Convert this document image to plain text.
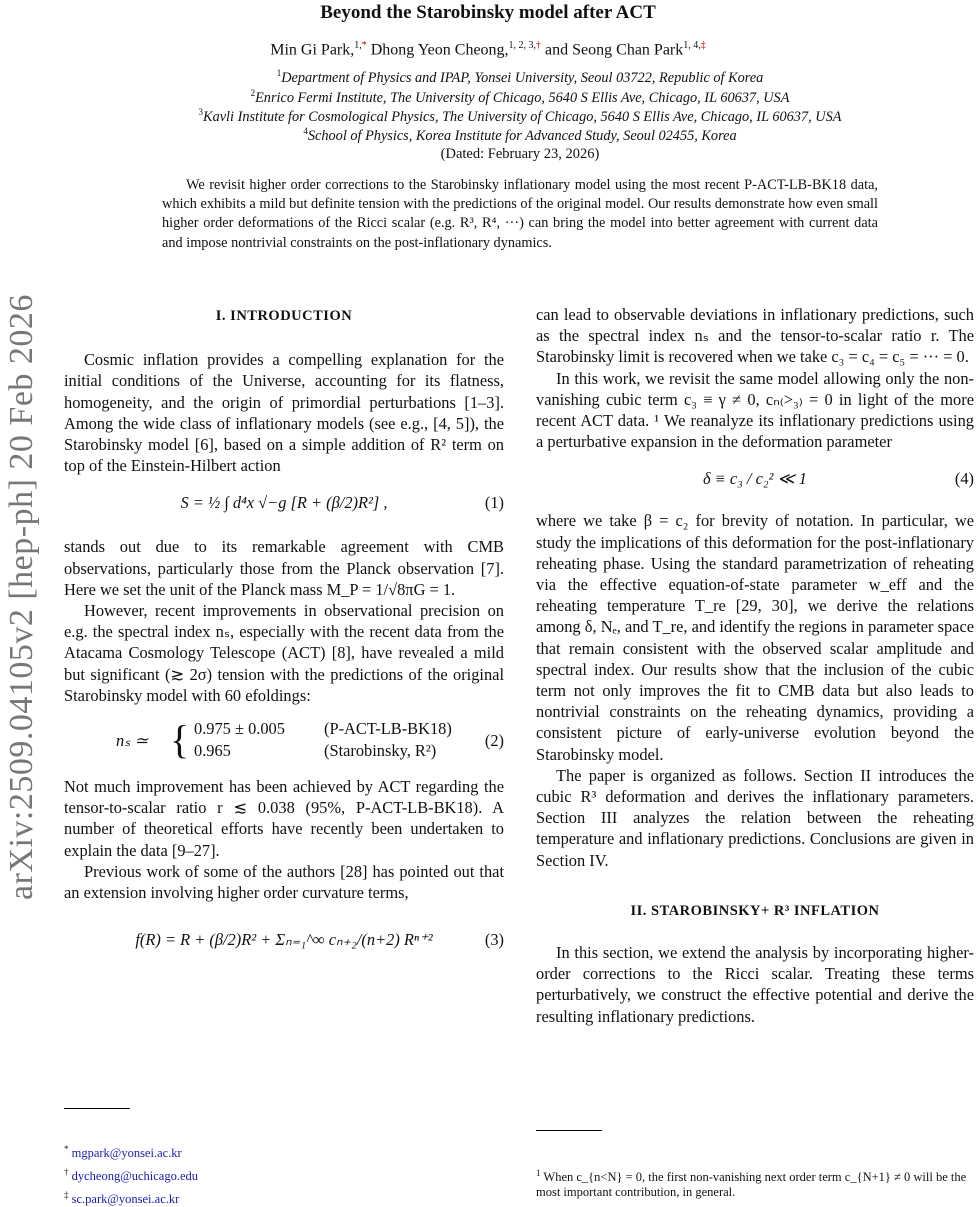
arXiv:2509.04105v2 [hep-ph] 20 Feb 2026
Beyond the Starobinsky model after ACT
Min Gi Park,$^{1,*}$ Dhong Yeon Cheong,$^{1, 2, 3,\dagger}$ and Seong Chan Park$^{1, 4,\ddagger}$
$^1$Department of Physics and IPAP, Yonsei University, Seoul 03722, Republic of Korea
$^2$Enrico Fermi Institute, The University of Chicago, 5640 S Ellis Ave, Chicago, IL 60637, USA
$^3$Kavli Institute for Cosmological Physics, The University of Chicago, 5640 S Ellis Ave, Chicago, IL 60637, USA
$^4$School of Physics, Korea Institute for Advanced Study, Seoul 02455, Korea
(Dated: February 23, 2026)
We revisit higher order corrections to the Starobinsky inflationary model using the most recent P-ACT-LB-BK18 data, which exhibits a mild but definite tension with the predictions of the original model. Our results demonstrate how even small higher order deformations of the Ricci scalar (e.g. R³, R⁴, ···) can bring the model into better agreement with current data and impose nontrivial constraints on the post-inflationary dynamics.
I. INTRODUCTION

Cosmic inflation provides a compelling explanation for the initial conditions of the Universe, accounting for its flatness, homogeneity, and the origin of primordial perturbations [1–3]. Among the wide class of inflationary models (see e.g., [4, 5]), the Starobinsky model [6], based on a simple addition of R² term on top of the Einstein-Hilbert action

S = ½ ∫ d⁴x √−g [R + (β/2)R²] ,	(1)

stands out due to its remarkable agreement with CMB observations, particularly those from the Planck observation [7]. Here we set the unit of the Planck mass M_P = 1/√8πG = 1.

However, recent improvements in observational precision on e.g. the spectral index nₛ, especially with the recent data from the Atacama Cosmology Telescope (ACT) [8], have revealed a mild but significant (≳ 2σ) tension with the predictions of the original Starobinsky model with 60 efoldings:

nₛ ≃ { 0.975 ± 0.005 (P-ACT-LB-BK18)
0.965	(Starobinsky, R²)
(2)

Not much improvement has been achieved by ACT regarding the tensor-to-scalar ratio r ≲ 0.038 (95%, P-ACT-LB-BK18). A number of theoretical efforts have recently been undertaken to explain the data [9–27].

Previous work of some of the authors [28] has pointed out that an extension involving higher order curvature terms,

f(R) = R + (β/2)R² + Σₙ₌₁^∞ cₙ₊₂/(n+2) Rⁿ⁺²	(3)
* mgpark@yonsei.ac.kr
† dycheong@uchicago.edu
‡ sc.park@yonsei.ac.kr

can lead to observable deviations in inflationary predictions, such as the spectral index nₛ and the tensor-to-scalar ratio r. The Starobinsky limit is recovered when we take c₃ = c₄ = c₅ = ··· = 0.

In this work, we revisit the same model allowing only the non-vanishing cubic term c₃ ≡ γ ≠ 0, cₙ₍>₃₎ = 0 in light of the more recent ACT data. ¹ We reanalyze its inflationary predictions using a perturbative expansion in the deformation parameter

δ ≡ c₃ / c₂² ≪ 1	(4)

where we take β = c₂ for brevity of notation. In particular, we study the implications of this deformation for the post-inflationary reheating phase. Using the standard parametrization of reheating via the effective equation-of-state parameter w_eff and the reheating temperature T_re [29, 30], we derive the relations among δ, Nₑ, and T_re, and identify the regions in parameter space that remain consistent with the observed scalar amplitude and spectral index. Our results show that the inclusion of the cubic term not only improves the fit to CMB data but also leads to nontrivial constraints on the reheating dynamics, providing a consistent picture of early-universe evolution beyond the Starobinsky model.

The paper is organized as follows. Section II introduces the cubic R³ deformation and derives the inflationary parameters. Section III analyzes the relation between the reheating temperature and inflationary predictions. Conclusions are given in Section IV.

II. STAROBINSKY+ R³ INFLATION

In this section, we extend the analysis by incorporating higher-order corrections to the Ricci scalar. Treating these terms perturbatively, we construct the effective potential and derive the resulting inflationary predictions.

$^1$ When c_{n<N} = 0, the first non-vanishing next order term c_{N+1} ≠ 0 will be the most important contribution, in general.
